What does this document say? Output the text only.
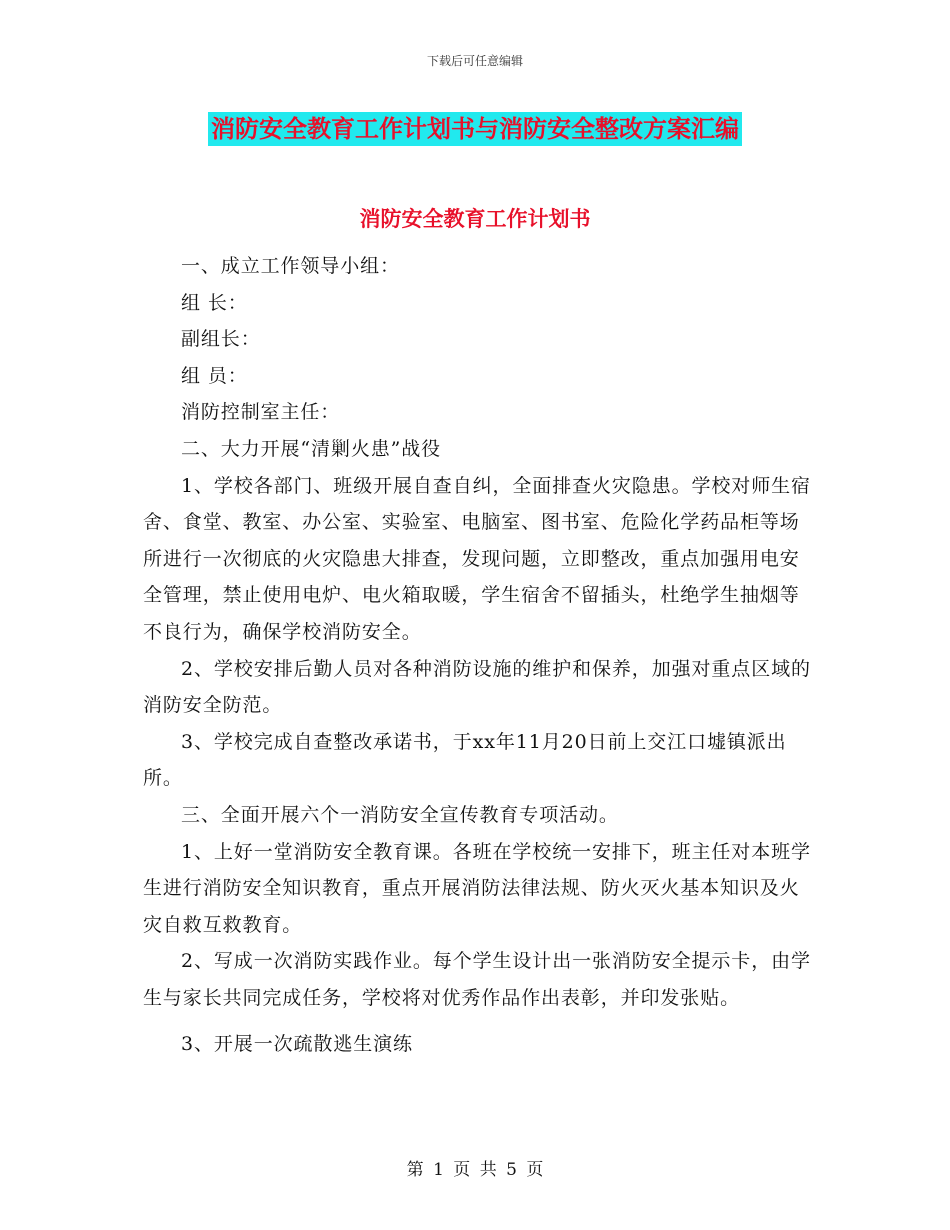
下载后可任意编辑
消防安全教育工作计划书与消防安全整改方案汇编
消防安全教育工作计划书

一、成立工作领导小组：

组 长：

副组长：

组 员：

消防控制室主任：

二、大力开展“清剿火患”战役

1、学校各部门、班级开展自查自纠，全面排查火灾隐患。学校对师生宿舍、食堂、教室、办公室、实验室、电脑室、图书室、危险化学药品柜等场所进行一次彻底的火灾隐患大排查，发现问题，立即整改，重点加强用电安全管理，禁止使用电炉、电火箱取暖，学生宿舍不留插头，杜绝学生抽烟等不良行为，确保学校消防安全。

2、学校安排后勤人员对各种消防设施的维护和保养，加强对重点区域的消防安全防范。

3、学校完成自查整改承诺书，于xx年11月20日前上交江口墟镇派出所。

三、全面开展六个一消防安全宣传教育专项活动。

1、上好一堂消防安全教育课。各班在学校统一安排下，班主任对本班学生进行消防安全知识教育，重点开展消防法律法规、防火灭火基本知识及火灾自救互救教育。

2、写成一次消防实践作业。每个学生设计出一张消防安全提示卡，由学生与家长共同完成任务，学校将对优秀作品作出表彰，并印发张贴。

3、开展一次疏散逃生演练

第 1 页 共 5 页
